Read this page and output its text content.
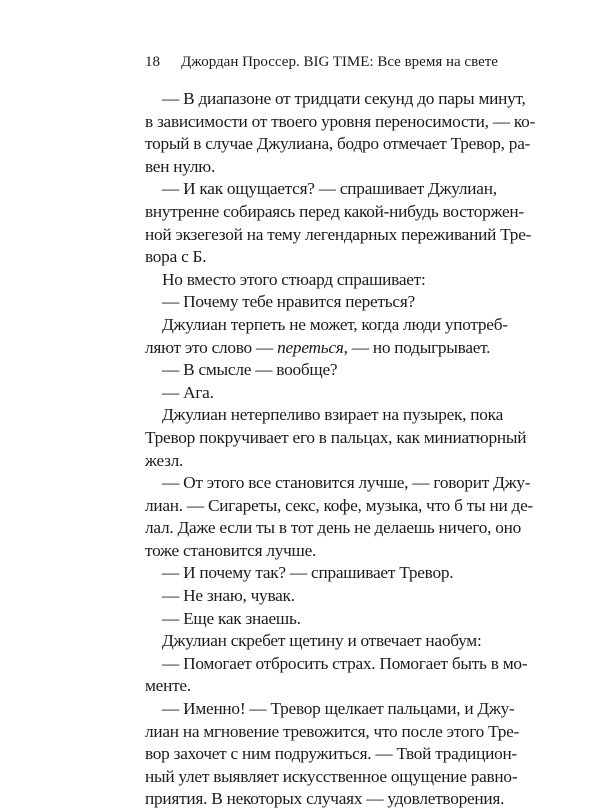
18 Джордан Проссер. BIG TIME: Все время на свете
— В диапазоне от тридцати секунд до пары минут,
в зависимости от твоего уровня переносимости, — ко-
торый в случае Джулиана, бодро отмечает Тревор, ра-
вен нулю.
— И как ощущается? — спрашивает Джулиан,
внутренне собираясь перед какой-нибудь восторжен-
ной экзегезой на тему легендарных переживаний Тре-
вора с Б.
Но вместо этого стюард спрашивает:
— Почему тебе нравится переться?
Джулиан терпеть не может, когда люди употреб-
ляют это слово — переться, — но подыгрывает.
— В смысле — вообще?
— Ага.
Джулиан нетерпеливо взирает на пузырек, пока
Тревор покручивает его в пальцах, как миниатюрный
жезл.
— От этого все становится лучше, — говорит Джу-
лиан. — Сигареты, секс, кофе, музыка, что б ты ни де-
лал. Даже если ты в тот день не делаешь ничего, оно
тоже становится лучше.
— И почему так? — спрашивает Тревор.
— Не знаю, чувак.
— Еще как знаешь.
Джулиан скребет щетину и отвечает наобум:
— Помогает отбросить страх. Помогает быть в мо-
менте.
— Именно! — Тревор щелкает пальцами, и Джу-
лиан на мгновение тревожится, что после этого Тре-
вор захочет с ним подружиться. — Твой традицион-
ный улет выявляет искусственное ощущение равно-
приятия. В некоторых случаях — удовлетворения.
